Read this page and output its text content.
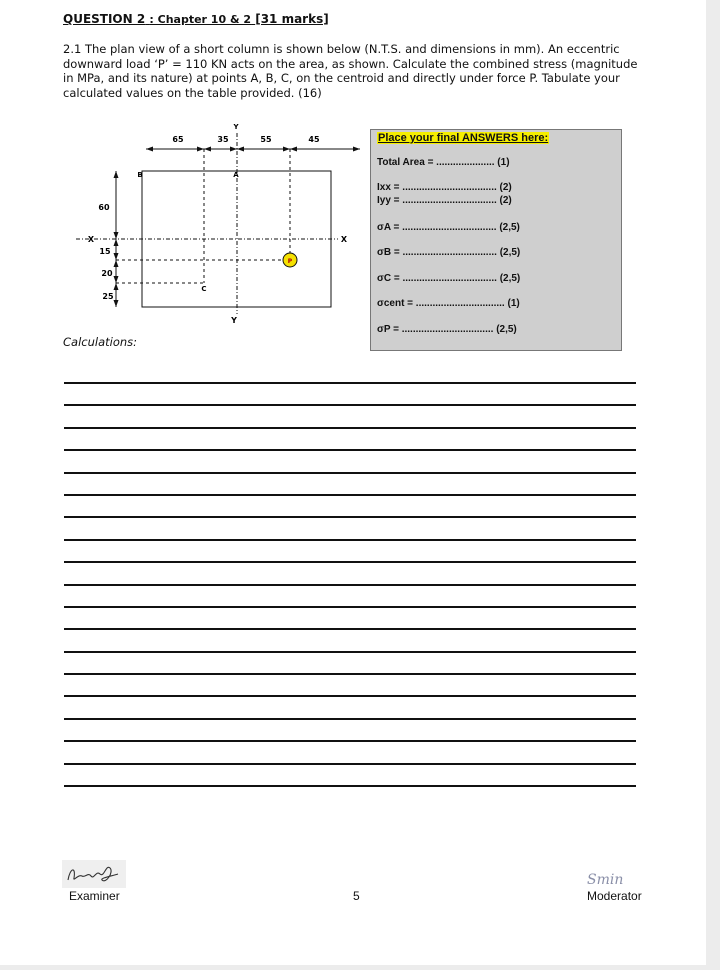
QUESTION 2 : Chapter 10 & 2 [31 marks]
2.1 The plan view of a short column is shown below (N.T.S. and dimensions in mm). An eccentric downward load ‘P’ = 110 KN acts on the area, as shown. Calculate the combined stress (magnitude in MPa, and its nature) at points A, B, C, on the centroid and directly under force P. Tabulate your calculated values on the table provided. (16)
65	35	55	45
Y
Y
X	X
60
15
20
25
A
B
C
P
Place your final ANSWERS here:
Total Area = ..................... (1)
Ixx = .................................. (2)
Iyy = .................................. (2)
σA = .................................. (2,5)
σB = .................................. (2,5)
σC = .................................. (2,5)
σcent = ................................ (1)
σP = ................................. (2,5)
Calculations:
Examiner	5
Smin
Moderator
